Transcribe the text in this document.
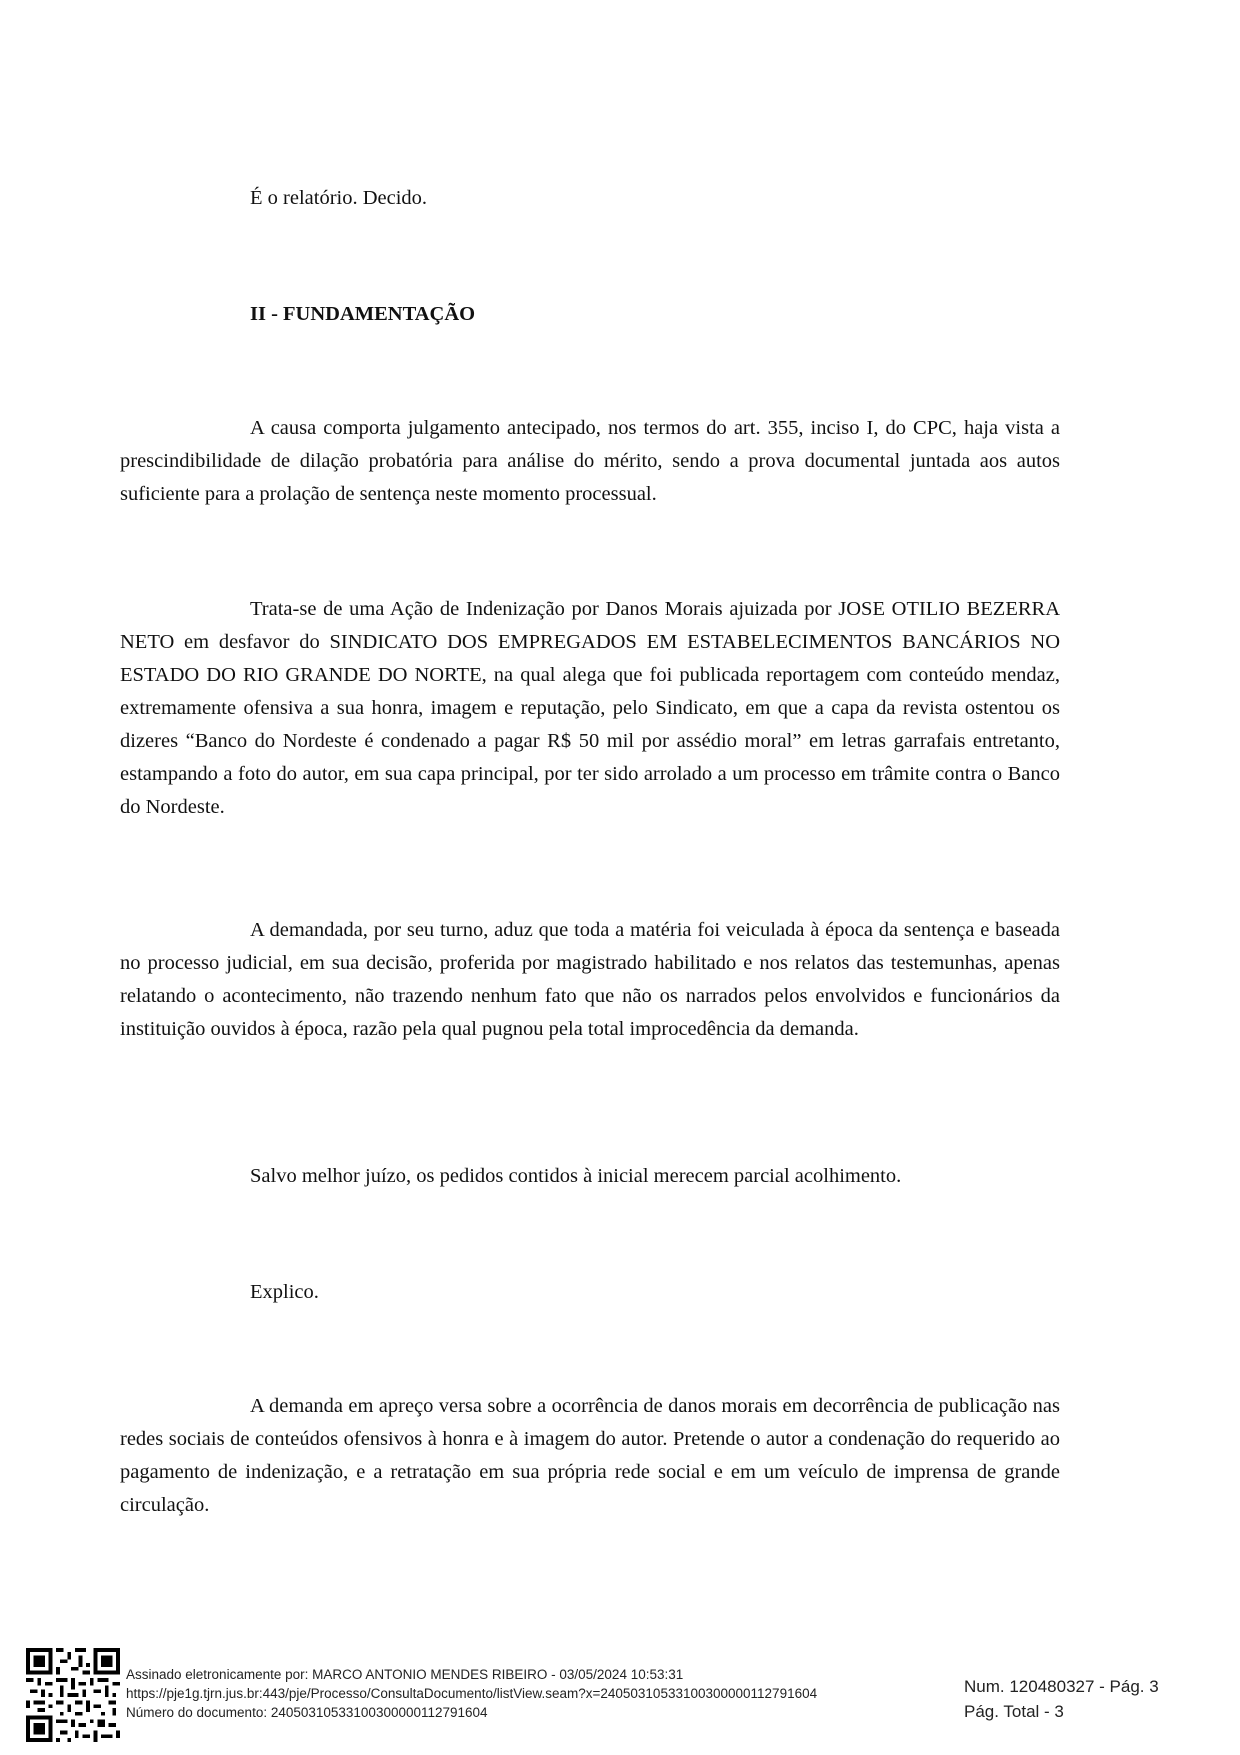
É o relatório. Decido.

II - FUNDAMENTAÇÃO

A causa comporta julgamento antecipado, nos termos do art. 355, inciso I, do CPC, haja vista a prescindibilidade de dilação probatória para análise do mérito, sendo a prova documental juntada aos autos suficiente para a prolação de sentença neste momento processual.

Trata-se de uma Ação de Indenização por Danos Morais ajuizada por JOSE OTILIO BEZERRA NETO em desfavor do SINDICATO DOS EMPREGADOS EM ESTABELECIMENTOS BANCÁRIOS NO ESTADO DO RIO GRANDE DO NORTE, na qual alega que foi publicada reportagem com conteúdo mendaz, extremamente ofensiva a sua honra, imagem e reputação, pelo Sindicato, em que a capa da revista ostentou os dizeres “Banco do Nordeste é condenado a pagar R$ 50 mil por assédio moral” em letras garrafais entretanto, estampando a foto do autor, em sua capa principal, por ter sido arrolado a um processo em trâmite contra o Banco do Nordeste.

A demandada, por seu turno, aduz que toda a matéria foi veiculada à época da sentença e baseada no processo judicial, em sua decisão, proferida por magistrado habilitado e nos relatos das testemunhas, apenas relatando o acontecimento, não trazendo nenhum fato que não os narrados pelos envolvidos e funcionários da instituição ouvidos à época, razão pela qual pugnou pela total improcedência da demanda.

Salvo melhor juízo, os pedidos contidos à inicial merecem parcial acolhimento.

Explico.

A demanda em apreço versa sobre a ocorrência de danos morais em decorrência de publicação nas redes sociais de conteúdos ofensivos à honra e à imagem do autor. Pretende o autor a condenação do requerido ao pagamento de indenização, e a retratação em sua própria rede social e em um veículo de imprensa de grande circulação.

Assinado eletronicamente por: MARCO ANTONIO MENDES RIBEIRO - 03/05/2024 10:53:31
https://pje1g.tjrn.jus.br:443/pje/Processo/ConsultaDocumento/listView.seam?x=24050310533100300000112791604
Número do documento: 24050310533100300000112791604
Num. 120480327 - Pág. 3
Pág. Total - 3
